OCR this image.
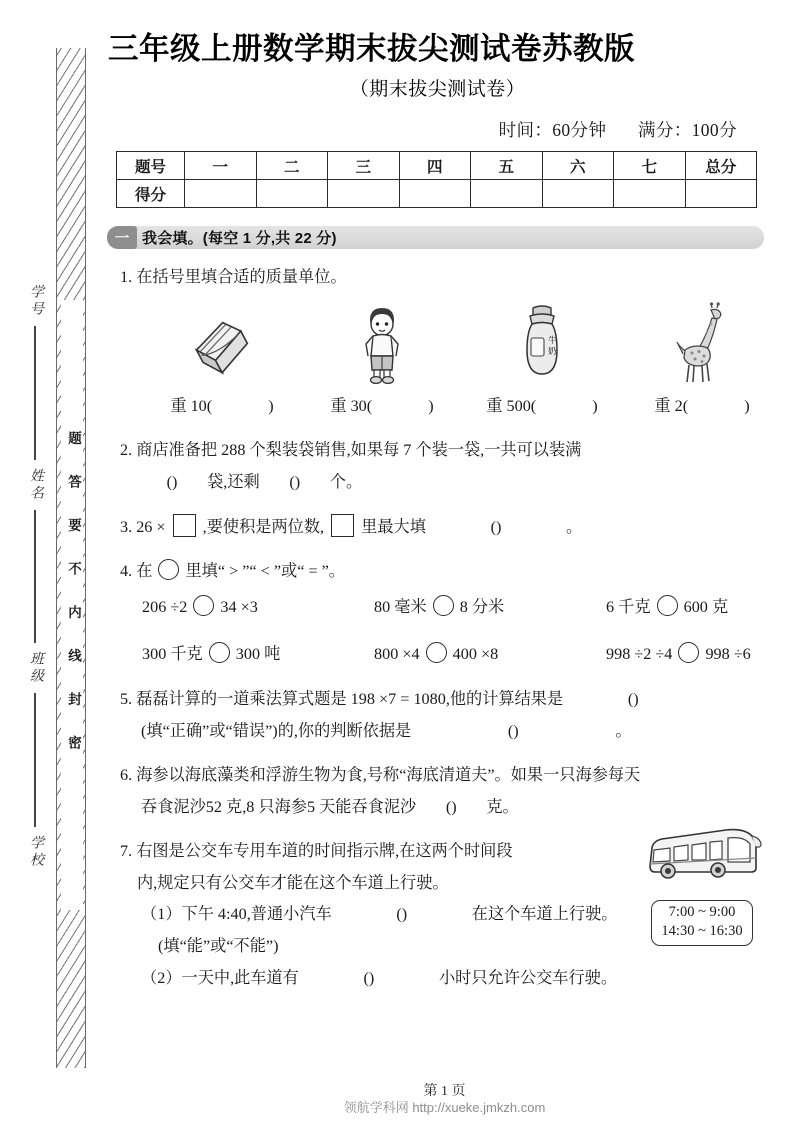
学号
姓名
班级
学校
题答要不内线封密
三年级上册数学期末拔尖测试卷苏教版
（期末拔尖测试卷）
时间：60分钟 满分：100分
题号	一	二	三	四	五	六	七	总分
得分								
一 我会填。(每空 1 分,共 22 分)
1. 在括号里填合适的质量单位。
重 10(	)	重 30(	)
牛
奶
重 500(	)	重 2(	)
2. 商店准备把 288 个梨装袋销售,如果每 7 个装一袋,一共可以装满
( ) 袋,还剩 ( )	个。
3. 26 × ,要使积是两位数, 里最大填 ( )	。
4. 在 里填“ > ”“ < ”或“ = ”。
206 ÷2 34 ×3	80 毫米 8 分米	6 千克 600 克
300 千克 300 吨	800 ×4 400 ×8	998 ÷2 ÷4 998 ÷6
5. 磊磊计算的一道乘法算式题是 198 ×7 = 1080,他的计算结果是 ( )
(填“正确”或“错误”)的,你的判断依据是 ( )	。
6. 海参以海底藻类和浮游生物为食,号称“海底清道夫”。如果一只海参每天
吞食泥沙52 克,8 只海参5 天能吞食泥沙 ( )	克。
7:00 ~ 9:00
14:30 ~ 16:30
7. 右图是公交车专用车道的时间指示牌,在这两个时间段
内,规定只有公交车才能在这个车道上行驶。
（1）下午 4:40,普通小汽车 ( )	在这个车道上行驶。
(填“能”或“不能”)
（2）一天中,此车道有 ( )	小时只允许公交车行驶。
第 1 页
领航学科网 http://xueke.jmkzh.com
